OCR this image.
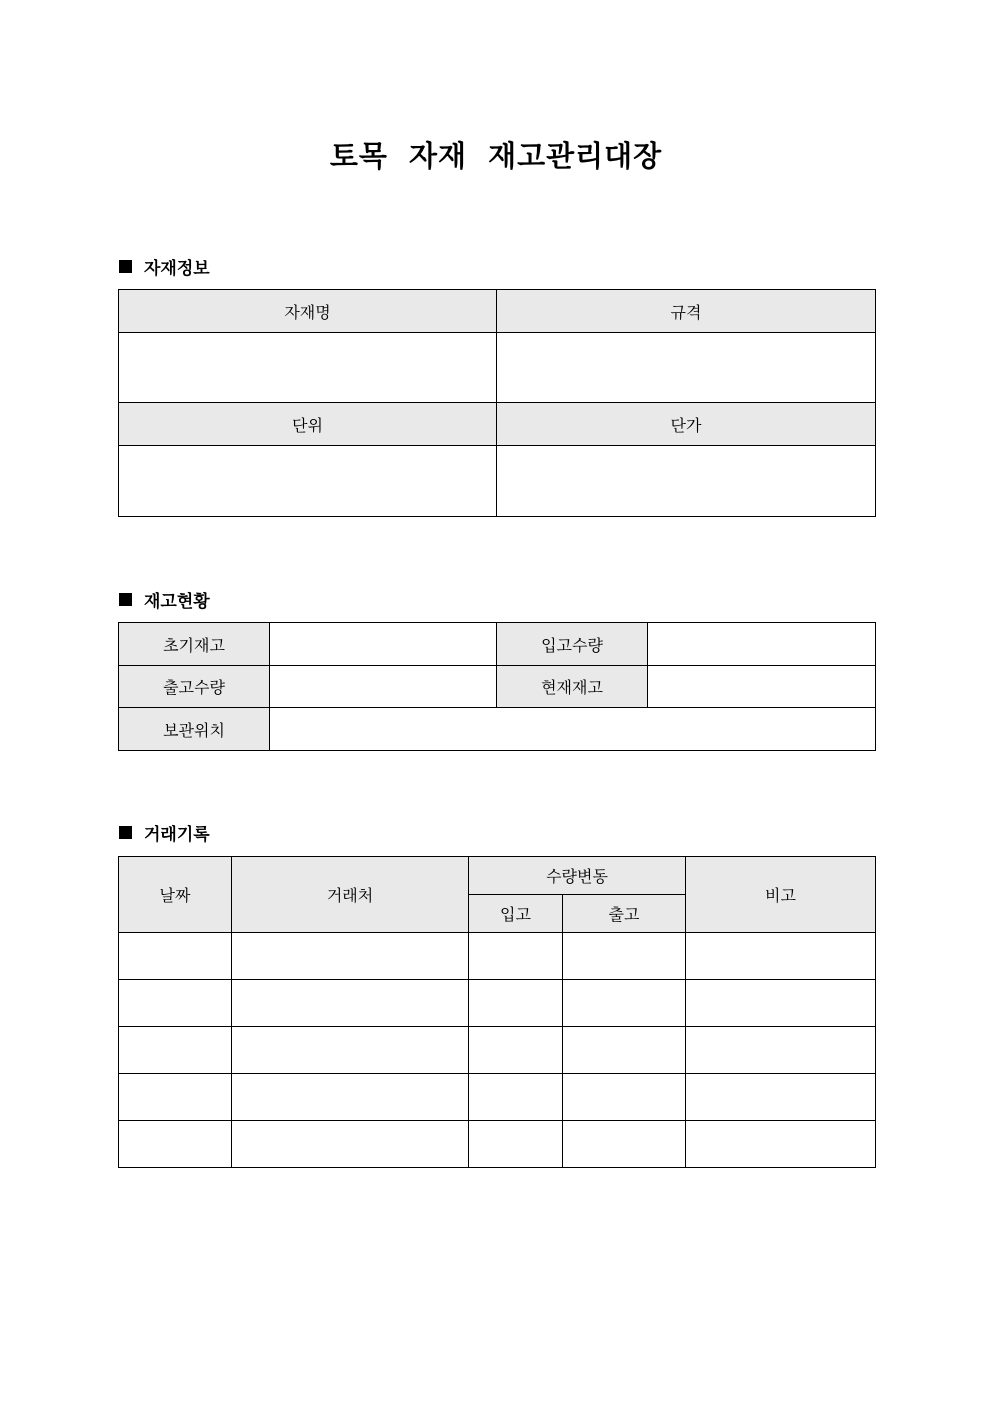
토목 자재 재고관리대장
자재정보
자재명	규격

단위	단가

재고현황
초기재고		입고수량	
출고수량		현재재고	
보관위치			
거래기록
날짜	거래처	수량변동		비고
		입고	출고	
